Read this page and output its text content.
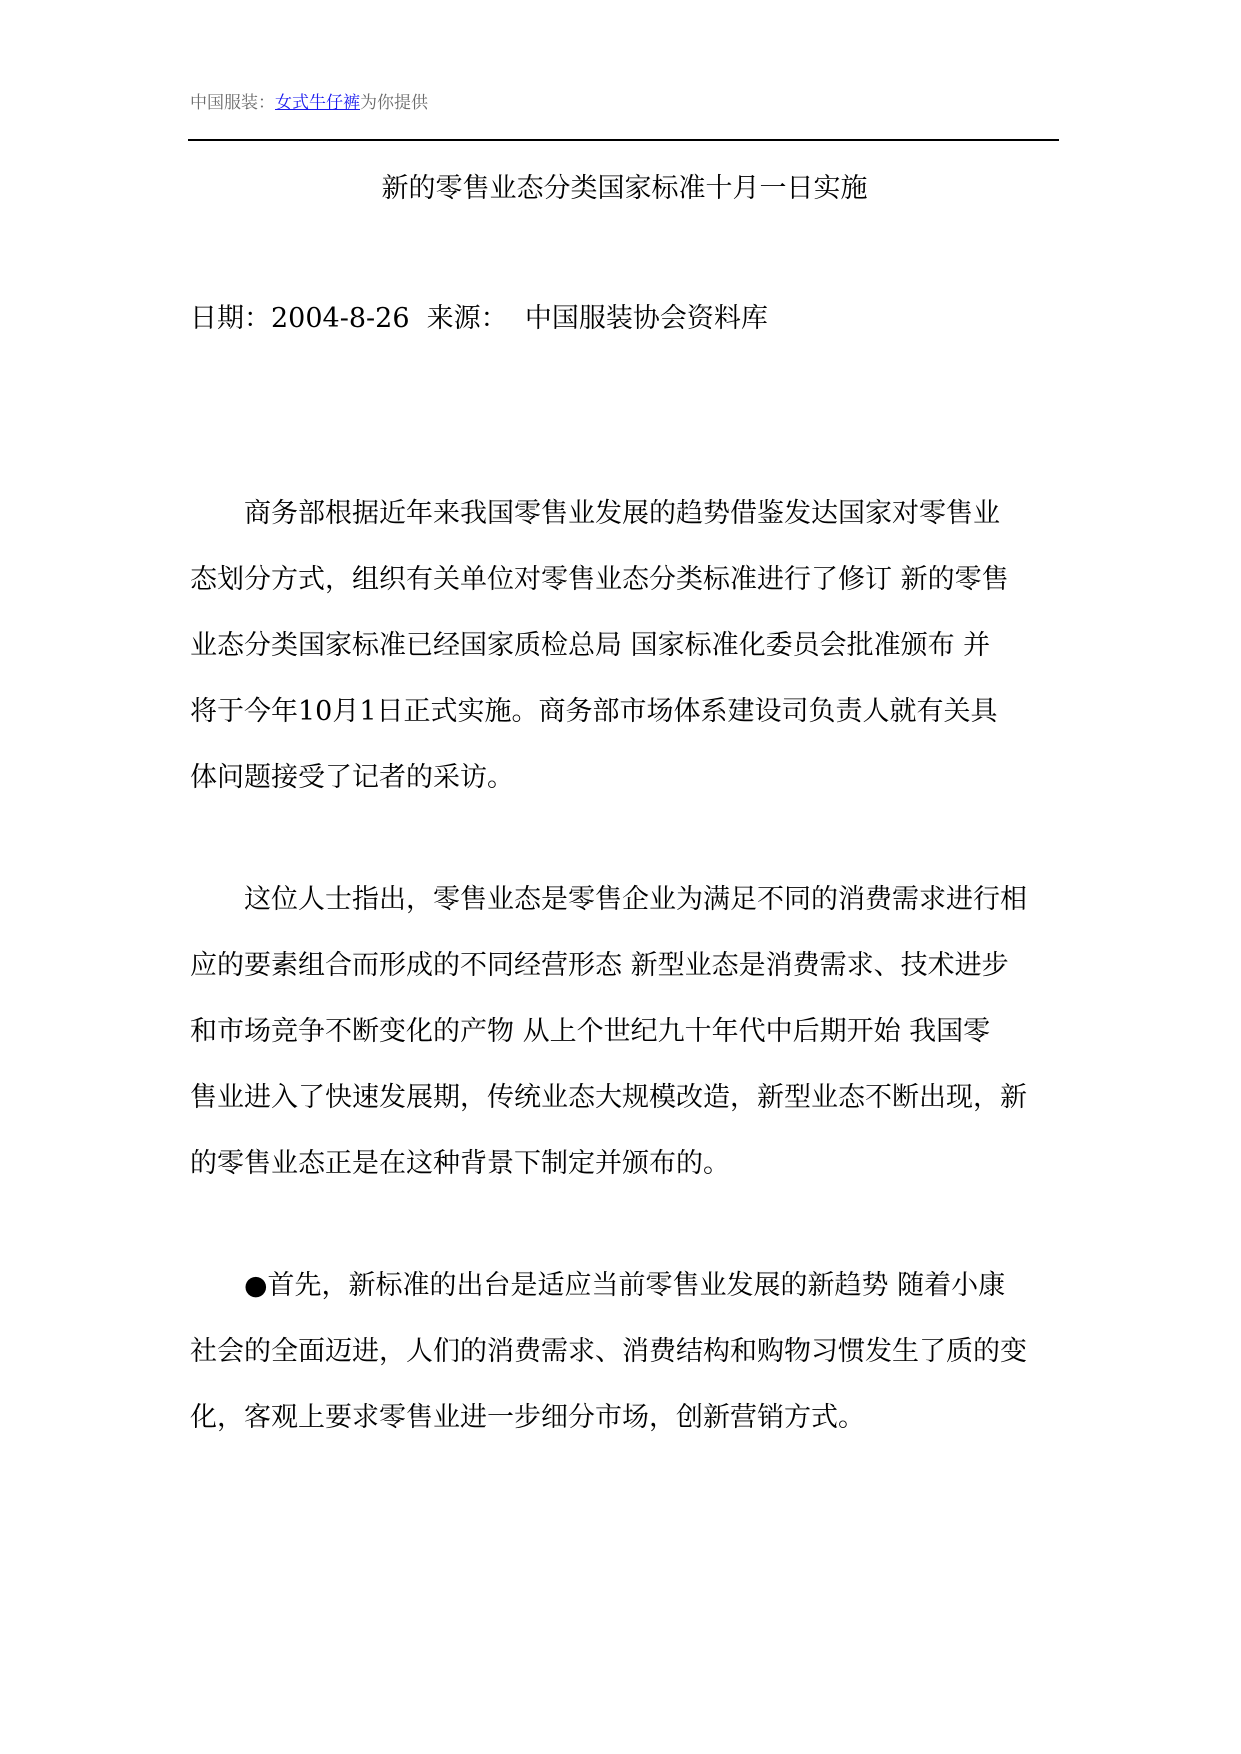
中国服装：女式牛仔裤为你提供
新的零售业态分类国家标准十月一日实施
日期：2004-8-26  来源：  中国服装协会资料库

　　商务部根据近年来我国零售业发展的趋势借鉴发达国家对零售业
态划分方式，组织有关单位对零售业态分类标准进行了修订 新的零售
业态分类国家标准已经国家质检总局 国家标准化委员会批准颁布 并
将于今年10月1日正式实施。商务部市场体系建设司负责人就有关具
体问题接受了记者的采访。

　　这位人士指出，零售业态是零售企业为满足不同的消费需求进行相
应的要素组合而形成的不同经营形态 新型业态是消费需求、技术进步
和市场竞争不断变化的产物 从上个世纪九十年代中后期开始 我国零
售业进入了快速发展期，传统业态大规模改造，新型业态不断出现，新
的零售业态正是在这种背景下制定并颁布的。

　　●首先，新标准的出台是适应当前零售业发展的新趋势 随着小康
社会的全面迈进，人们的消费需求、消费结构和购物习惯发生了质的变
化，客观上要求零售业进一步细分市场，创新营销方式。
